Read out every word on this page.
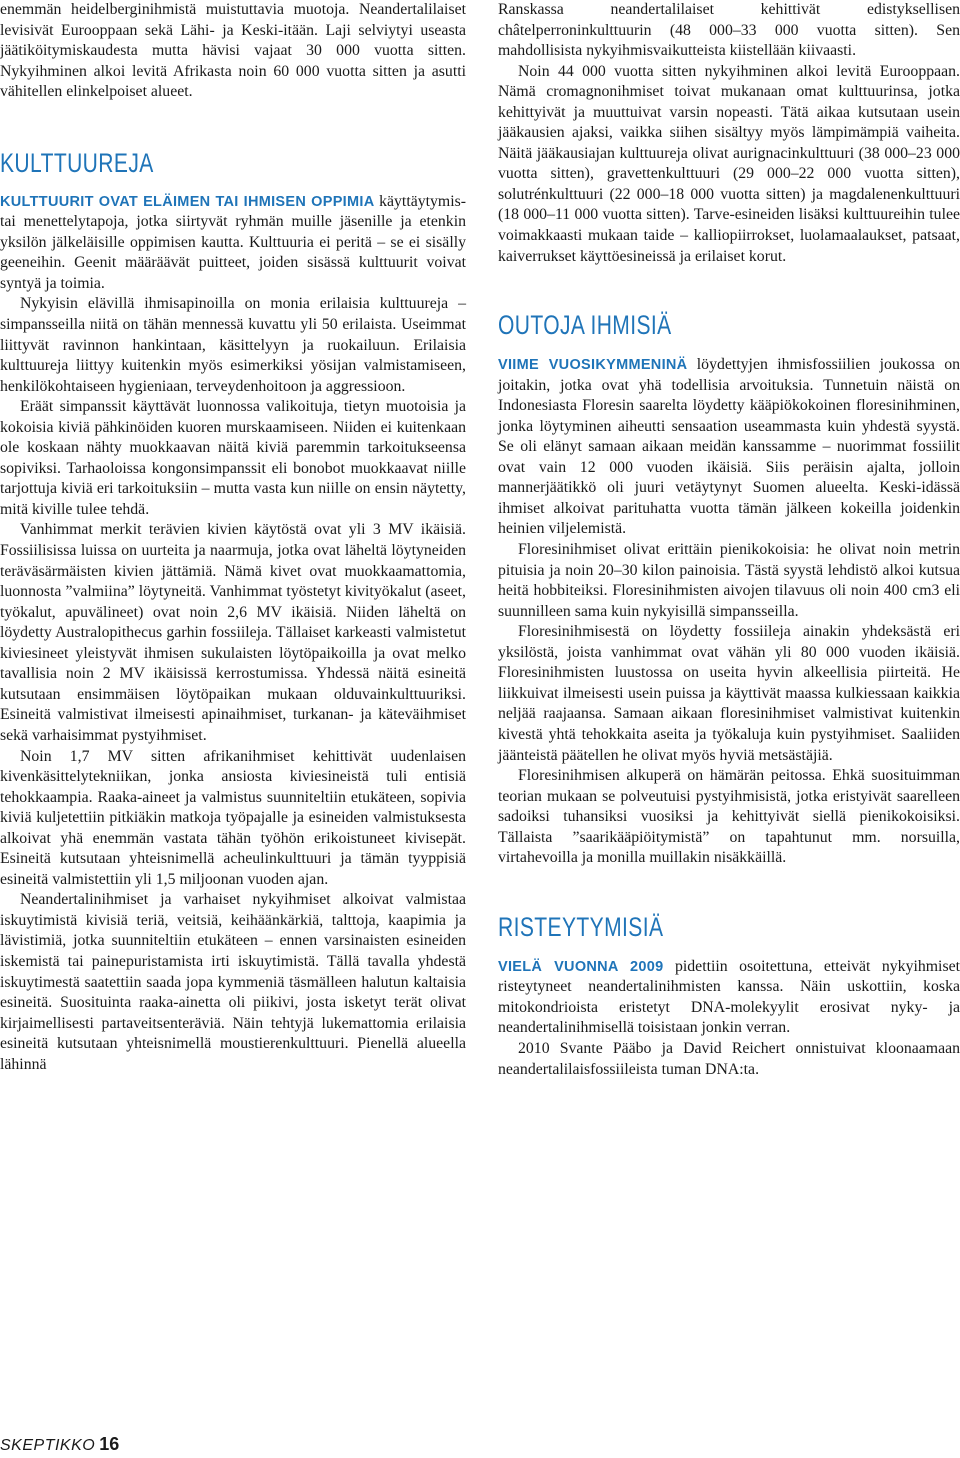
enemmän heidelberginihmistä muistuttavia muotoja. Neandertalilaiset levisivät Eurooppaan sekä Lähi- ja Keski-itään. Laji selviytyi useasta jäätiköitymiskaudesta mutta hävisi vajaat 30 000 vuotta sitten. Nykyihminen alkoi levitä Afrikasta noin 60 000 vuotta sitten ja asutti vähitellen elinkelpoiset alueet.

KULTTUUREJA

KULTTUURIT OVAT ELÄIMEN TAI IHMISEN OPPIMIA käyttäytymis- tai menettelytapoja, jotka siirtyvät ryhmän muille jäsenille ja etenkin yksilön jälkeläisille oppimisen kautta. Kulttuuria ei peritä – se ei sisälly geeneihin. Geenit määräävät puitteet, joiden sisässä kulttuurit voivat syntyä ja toimia.

Nykyisin elävillä ihmisapinoilla on monia erilaisia kulttuureja – simpansseilla niitä on tähän mennessä kuvattu yli 50 erilaista. Useimmat liittyvät ravinnon hankintaan, käsittelyyn ja ruokailuun. Erilaisia kulttuureja liittyy kuitenkin myös esimerkiksi yösijan valmistamiseen, henkilökohtaiseen hygieniaan, terveydenhoitoon ja aggressioon.

Eräät simpanssit käyttävät luonnossa valikoituja, tietyn muotoisia ja kokoisia kiviä pähkinöiden kuoren murskaamiseen. Niiden ei kuitenkaan ole koskaan nähty muokkaavan näitä kiviä paremmin tarkoitukseensa sopiviksi. Tarhaoloissa kongonsimpanssit eli bonobot muokkaavat niille tarjottuja kiviä eri tarkoituksiin – mutta vasta kun niille on ensin näytetty, mitä kiville tulee tehdä.

Vanhimmat merkit terävien kivien käytöstä ovat yli 3 MV ikäisiä. Fossiilisissa luissa on uurteita ja naarmuja, jotka ovat läheltä löytyneiden teräväsärmäisten kivien jättämiä. Nämä kivet ovat muokkaamattomia, luonnosta ”valmiina” löytyneitä. Vanhimmat työstetyt kivityökalut (aseet, työkalut, apuvälineet) ovat noin 2,6 MV ikäisiä. Niiden läheltä on löydetty Australopithecus garhin fossiileja. Tällaiset karkeasti valmistetut kiviesineet yleistyvät ihmisen sukulaisten löytöpaikoilla ja ovat melko tavallisia noin 2 MV ikäisissä kerrostumissa. Yhdessä näitä esineitä kutsutaan ensimmäisen löytöpaikan mukaan olduvainkulttuuriksi. Esineitä valmistivat ilmeisesti apinaihmiset, turkanan- ja käteväihmiset sekä varhaisimmat pystyihmiset.

Noin 1,7 MV sitten afrikanihmiset kehittivät uudenlaisen kivenkäsittelytekniikan, jonka ansiosta kiviesineistä tuli entisiä tehokkaampia. Raaka-aineet ja valmistus suunniteltiin etukäteen, sopivia kiviä kuljetettiin pitkiäkin matkoja työpajalle ja esineiden valmistuksesta alkoivat yhä enemmän vastata tähän työhön erikoistuneet kivisepät. Esineitä kutsutaan yhteisnimellä acheulinkulttuuri ja tämän tyyppisiä esineitä valmistettiin yli 1,5 miljoonan vuoden ajan.

Neandertalinihmiset ja varhaiset nykyihmiset alkoivat valmistaa iskuytimistä kivisiä teriä, veitsiä, keihäänkärkiä, talttoja, kaapimia ja lävistimiä, jotka suunniteltiin etukäteen – ennen varsinaisten esineiden iskemistä tai painepuristamista irti iskuytimistä. Tällä tavalla yhdestä iskuytimestä saatettiin saada jopa kymmeniä täsmälleen halutun kaltaisia esineitä. Suosituinta raaka-ainetta oli piikivi, josta isketyt terät olivat kirjaimellisesti partaveitsenteräviä. Näin tehtyjä lukemattomia erilaisia esineitä kutsutaan yhteisnimellä moustierenkulttuuri. Pienellä alueella lähinnä

Ranskassa neandertalilaiset kehittivät edistyksellisen châtelperroninkulttuurin (48 000–33 000 vuotta sitten). Sen mahdollisista nykyihmisvaikutteista kiistellään kiivaasti.

Noin 44 000 vuotta sitten nykyihminen alkoi levitä Eurooppaan. Nämä cromagnonihmiset toivat mukanaan omat kulttuurinsa, jotka kehittyivät ja muuttuivat varsin nopeasti. Tätä aikaa kutsutaan usein jääkausien ajaksi, vaikka siihen sisältyy myös lämpimämpiä vaiheita. Näitä jääkausiajan kulttuureja olivat aurignacinkulttuuri (38 000–23 000 vuotta sitten), gravettenkulttuuri (29 000–22 000 vuotta sitten), solutrénkulttuuri (22 000–18 000 vuotta sitten) ja magdalenenkulttuuri (18 000–11 000 vuotta sitten). Tarve-esineiden lisäksi kulttuureihin tulee voimakkaasti mukaan taide – kalliopiirrokset, luolamaalaukset, patsaat, kaiverrukset käyttöesineissä ja erilaiset korut.

OUTOJA IHMISIÄ

VIIME VUOSIKYMMENINÄ löydettyjen ihmisfossiilien joukossa on joitakin, jotka ovat yhä todellisia arvoituksia. Tunnetuin näistä on Indonesiasta Floresin saarelta löydetty kääpiökokoinen floresinihminen, jonka löytyminen aiheutti sensaation useammasta kuin yhdestä syystä. Se oli elänyt samaan aikaan meidän kanssamme – nuorimmat fossiilit ovat vain 12 000 vuoden ikäisiä. Siis peräisin ajalta, jolloin mannerjäätikkö oli juuri vetäytynyt Suomen alueelta. Keski-idässä ihmiset alkoivat parituhatta vuotta tämän jälkeen kokeilla joidenkin heinien viljelemistä.

Floresinihmiset olivat erittäin pienikokoisia: he olivat noin metrin pituisia ja noin 20–30 kilon painoisia. Tästä syystä lehdistö alkoi kutsua heitä hobbiteiksi. Floresinihmisten aivojen tilavuus oli noin 400 cm3 eli suunnilleen sama kuin nykyisillä simpansseilla.

Floresinihmisestä on löydetty fossiileja ainakin yhdeksästä eri yksilöstä, joista vanhimmat ovat vähän yli 80 000 vuoden ikäisiä. Floresinihmisten luustossa on useita hyvin alkeellisia piirteitä. He liikkuivat ilmeisesti usein puissa ja käyttivät maassa kulkiessaan kaikkia neljää raajaansa. Samaan aikaan floresinihmiset valmistivat kuitenkin kivestä yhtä tehokkaita aseita ja työkaluja kuin pystyihmiset. Saaliiden jäänteistä päätellen he olivat myös hyviä metsästäjiä.

Floresinihmisen alkuperä on hämärän peitossa. Ehkä suosituimman teorian mukaan se polveutuisi pystyihmisistä, jotka eristyivät saarelleen sadoiksi tuhansiksi vuosiksi ja kehittyivät siellä pienikokoisiksi. Tällaista ”saarikääpiöitymistä” on tapahtunut mm. norsuilla, virtahevoilla ja monilla muillakin nisäkkäillä.

RISTEYTYMISIÄ

VIELÄ VUONNA 2009 pidettiin osoitettuna, etteivät nykyihmiset risteytyneet neandertalinihmisten kanssa. Näin uskottiin, koska mitokondrioista eristetyt DNA-molekyylit erosivat nyky- ja neandertalinihmisellä toisistaan jonkin verran.

2010 Svante Pääbo ja David Reichert onnistuivat kloonaamaan neandertalilaisfossiileista tuman DNA:ta.

SKEPTIKKO 16
